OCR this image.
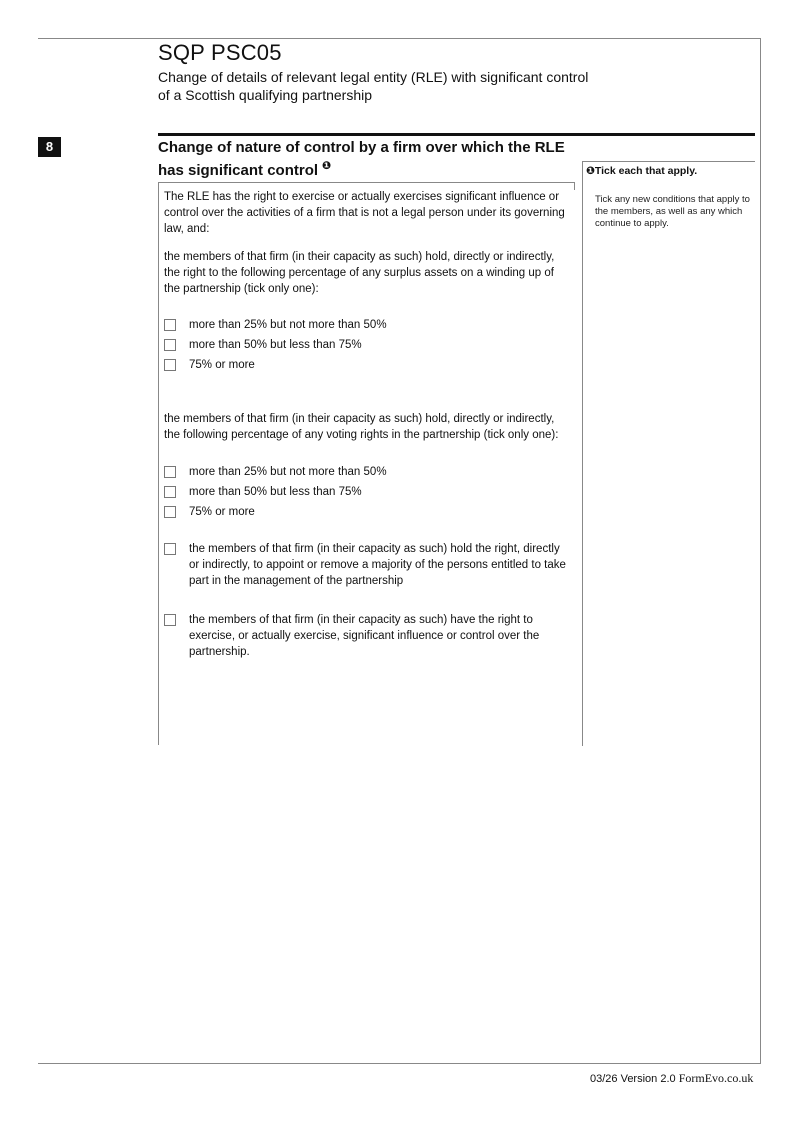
SQP PSC05
Change of details of relevant legal entity (RLE) with significant control
of a Scottish qualifying partnership
8	Change of nature of control by a firm over which the RLE
has significant control $^❶$	❶Tick each that apply.
Tick any new conditions that apply to the members, as well as any which continue to apply.
The RLE has the right to exercise or actually exercises significant influence or control over the activities of a firm that is not a legal person under its governing law, and:
the members of that firm (in their capacity as such) hold, directly or indirectly, the right to the following percentage of any surplus assets on a winding up of the partnership (tick only one):
more than 25% but not more than 50%
more than 50% but less than 75%
75% or more
the members of that firm (in their capacity as such) hold, directly or indirectly, the following percentage of any voting rights in the partnership (tick only one):
more than 25% but not more than 50%
more than 50% but less than 75%
75% or more
the members of that firm (in their capacity as such) hold the right, directly or indirectly, to appoint or remove a majority of the persons entitled to take part in the management of the partnership
the members of that firm (in their capacity as such) have the right to exercise, or actually exercise, significant influence or control over the partnership.
03/26 Version 2.0 FormEvo.co.uk
